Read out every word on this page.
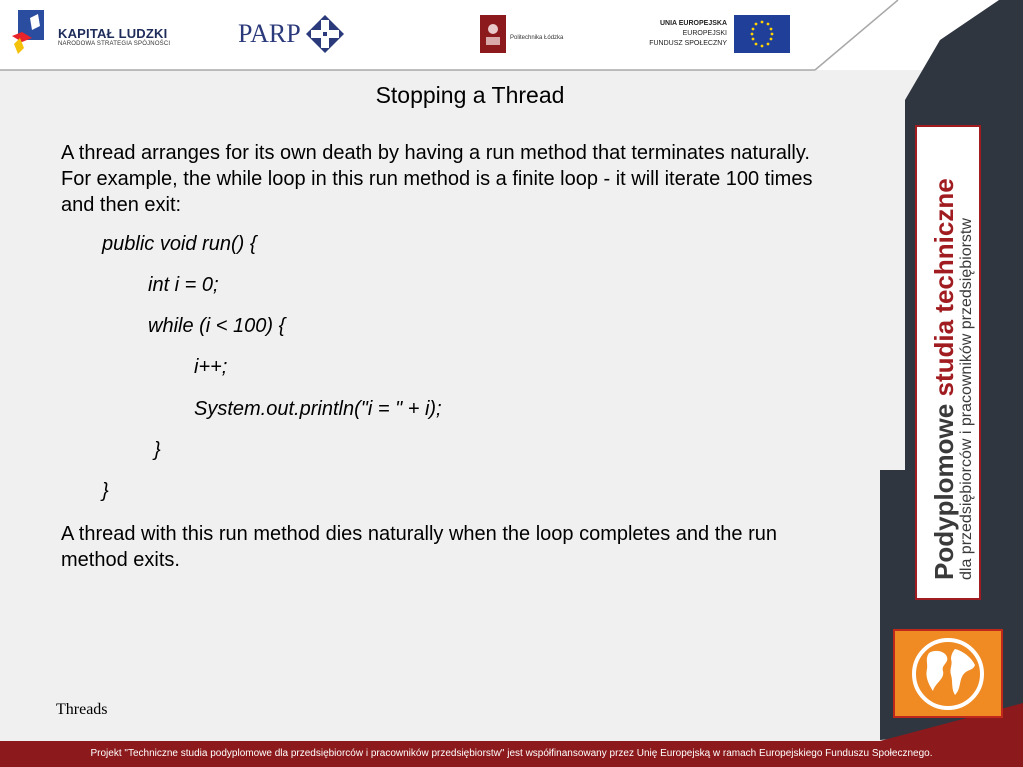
KAPITAŁ LUDZKI
NARODOWA STRATEGIA SPÓJNOŚCI	PARP	Politechnika Łódzka
UNIA EUROPEJSKA
EUROPEJSKI
FUNDUSZ SPOŁECZNY
Stopping a Thread

A thread arranges for its own death by having a run method that terminates naturally. For example, the while loop in this run method is a finite loop - it will iterate 100 times and then exit:

public void run() {
int i = 0;
while (i < 100) {
i++;
System.out.println("i = " + i);
}
}

A thread with this run method dies naturally when the loop completes and the run method exits.

Threads
Podyplomowe studia techniczne dla przedsiębiorców i pracowników przedsiębiorstw
Projekt "Techniczne studia podyplomowe dla przedsiębiorców i pracowników przedsiębiorstw" jest współfinansowany przez Unię Europejską w ramach Europejskiego Funduszu Społecznego.
